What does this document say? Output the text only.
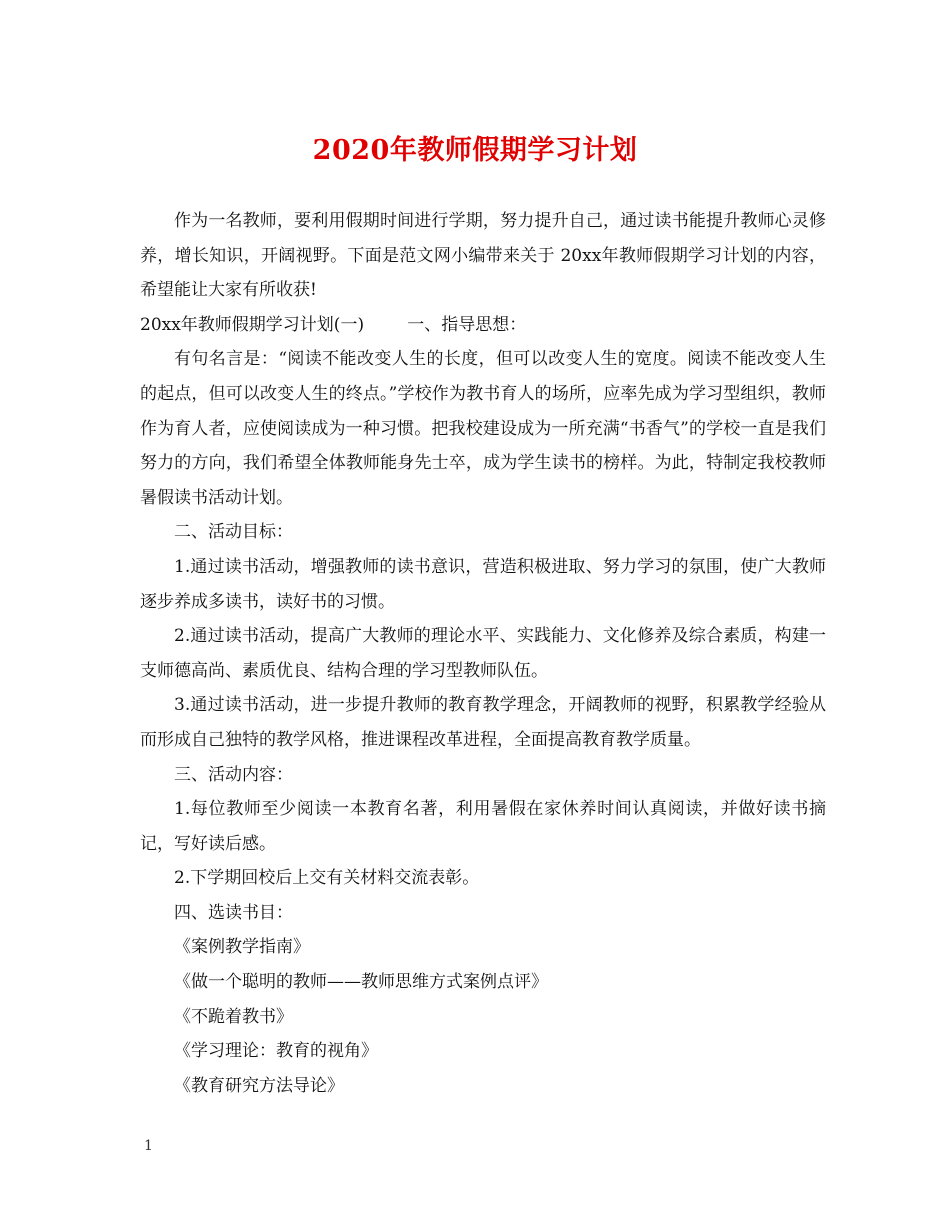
2020年教师假期学习计划

作为一名教师，要利用假期时间进行学期，努力提升自己，通过读书能提升教师心灵修养，增长知识，开阔视野。下面是范文网小编带来关于 20xx年教师假期学习计划的内容，希望能让大家有所收获!

20xx年教师假期学习计划(一)        一、指导思想：

有句名言是：“阅读不能改变人生的长度，但可以改变人生的宽度。阅读不能改变人生的起点，但可以改变人生的终点。”学校作为教书育人的场所，应率先成为学习型组织，教师作为育人者，应使阅读成为一种习惯。把我校建设成为一所充满“书香气”的学校一直是我们努力的方向，我们希望全体教师能身先士卒，成为学生读书的榜样。为此，特制定我校教师暑假读书活动计划。

二、活动目标：

1.通过读书活动，增强教师的读书意识，营造积极进取、努力学习的氛围，使广大教师逐步养成多读书，读好书的习惯。

2.通过读书活动，提高广大教师的理论水平、实践能力、文化修养及综合素质，构建一支师德高尚、素质优良、结构合理的学习型教师队伍。

3.通过读书活动，进一步提升教师的教育教学理念，开阔教师的视野，积累教学经验从而形成自己独特的教学风格，推进课程改革进程，全面提高教育教学质量。

三、活动内容：

1.每位教师至少阅读一本教育名著，利用暑假在家休养时间认真阅读，并做好读书摘记，写好读后感。

2.下学期回校后上交有关材料交流表彰。

四、选读书目：

《案例教学指南》

《做一个聪明的教师——教师思维方式案例点评》

《不跪着教书》

《学习理论：教育的视角》

《教育研究方法导论》

1
